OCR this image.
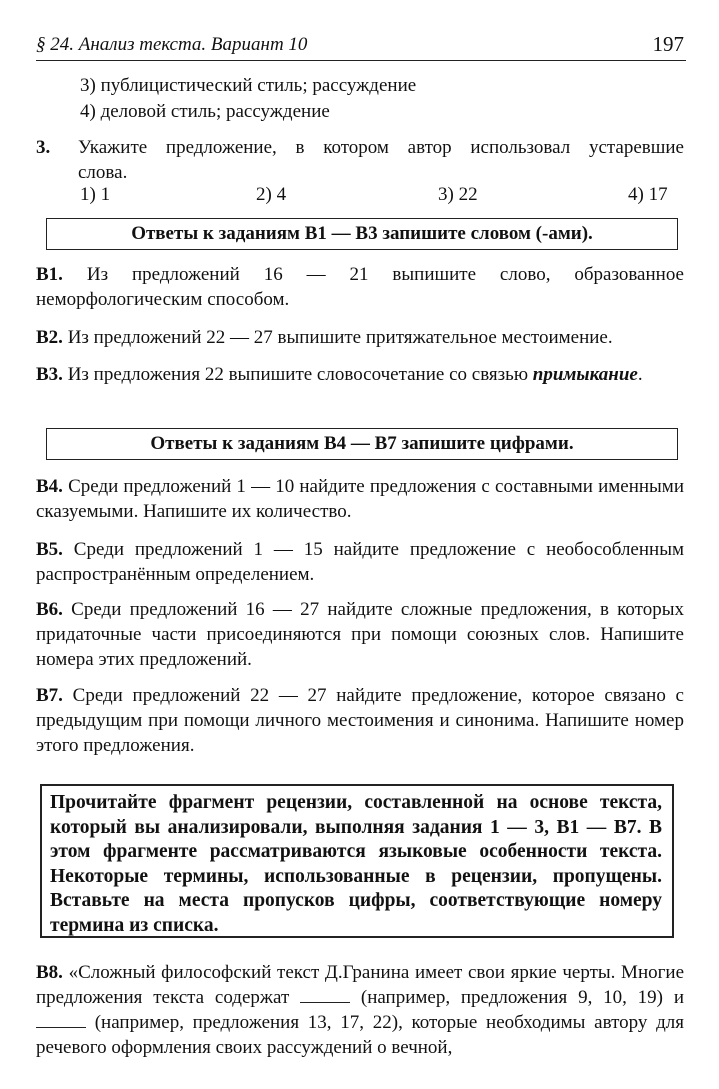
§ 24. Анализ текста. Вариант 10	197
3) публицистический стиль; рассуждение
4) деловой стиль; рассуждение
3. Укажите предложение, в котором автор использовал устаревшие
слова.
1) 1	2) 4	3) 22	4) 17
Ответы к заданиям B1 — B3 запишите словом (-ами).
B1. Из предложений 16 — 21 выпишите слово, образованное неморфологическим способом.
B2. Из предложений 22 — 27 выпишите притяжательное местоимение.
B3. Из предложения 22 выпишите словосочетание со связью примыкание.
Ответы к заданиям B4 — B7 запишите цифрами.
B4. Среди предложений 1 — 10 найдите предложения с составными именными сказуемыми. Напишите их количество.
B5. Среди предложений 1 — 15 найдите предложение с необособленным распространённым определением.
B6. Среди предложений 16 — 27 найдите сложные предложения, в которых придаточные части присоединяются при помощи союзных слов. Напишите номера этих предложений.
B7. Среди предложений 22 — 27 найдите предложение, которое связано с предыдущим при помощи личного местоимения и синонима. Напишите номер этого предложения.
Прочитайте фрагмент рецензии, составленной на основе текста, который вы анализировали, выполняя задания 1 — 3, B1 — B7. В этом фрагменте рассматриваются языковые особенности текста. Некоторые термины, использованные в рецензии, пропущены. Вставьте на места пропусков цифры, соответствующие номеру термина из списка.
B8. «Сложный философский текст Д.Гранина имеет свои яркие черты. Многие предложения текста содержат	(например, предложения 9, 10, 19) и  (например, предложения 13, 17, 22), которые необходимы автору для речевого оформления своих рассуждений о вечной,
